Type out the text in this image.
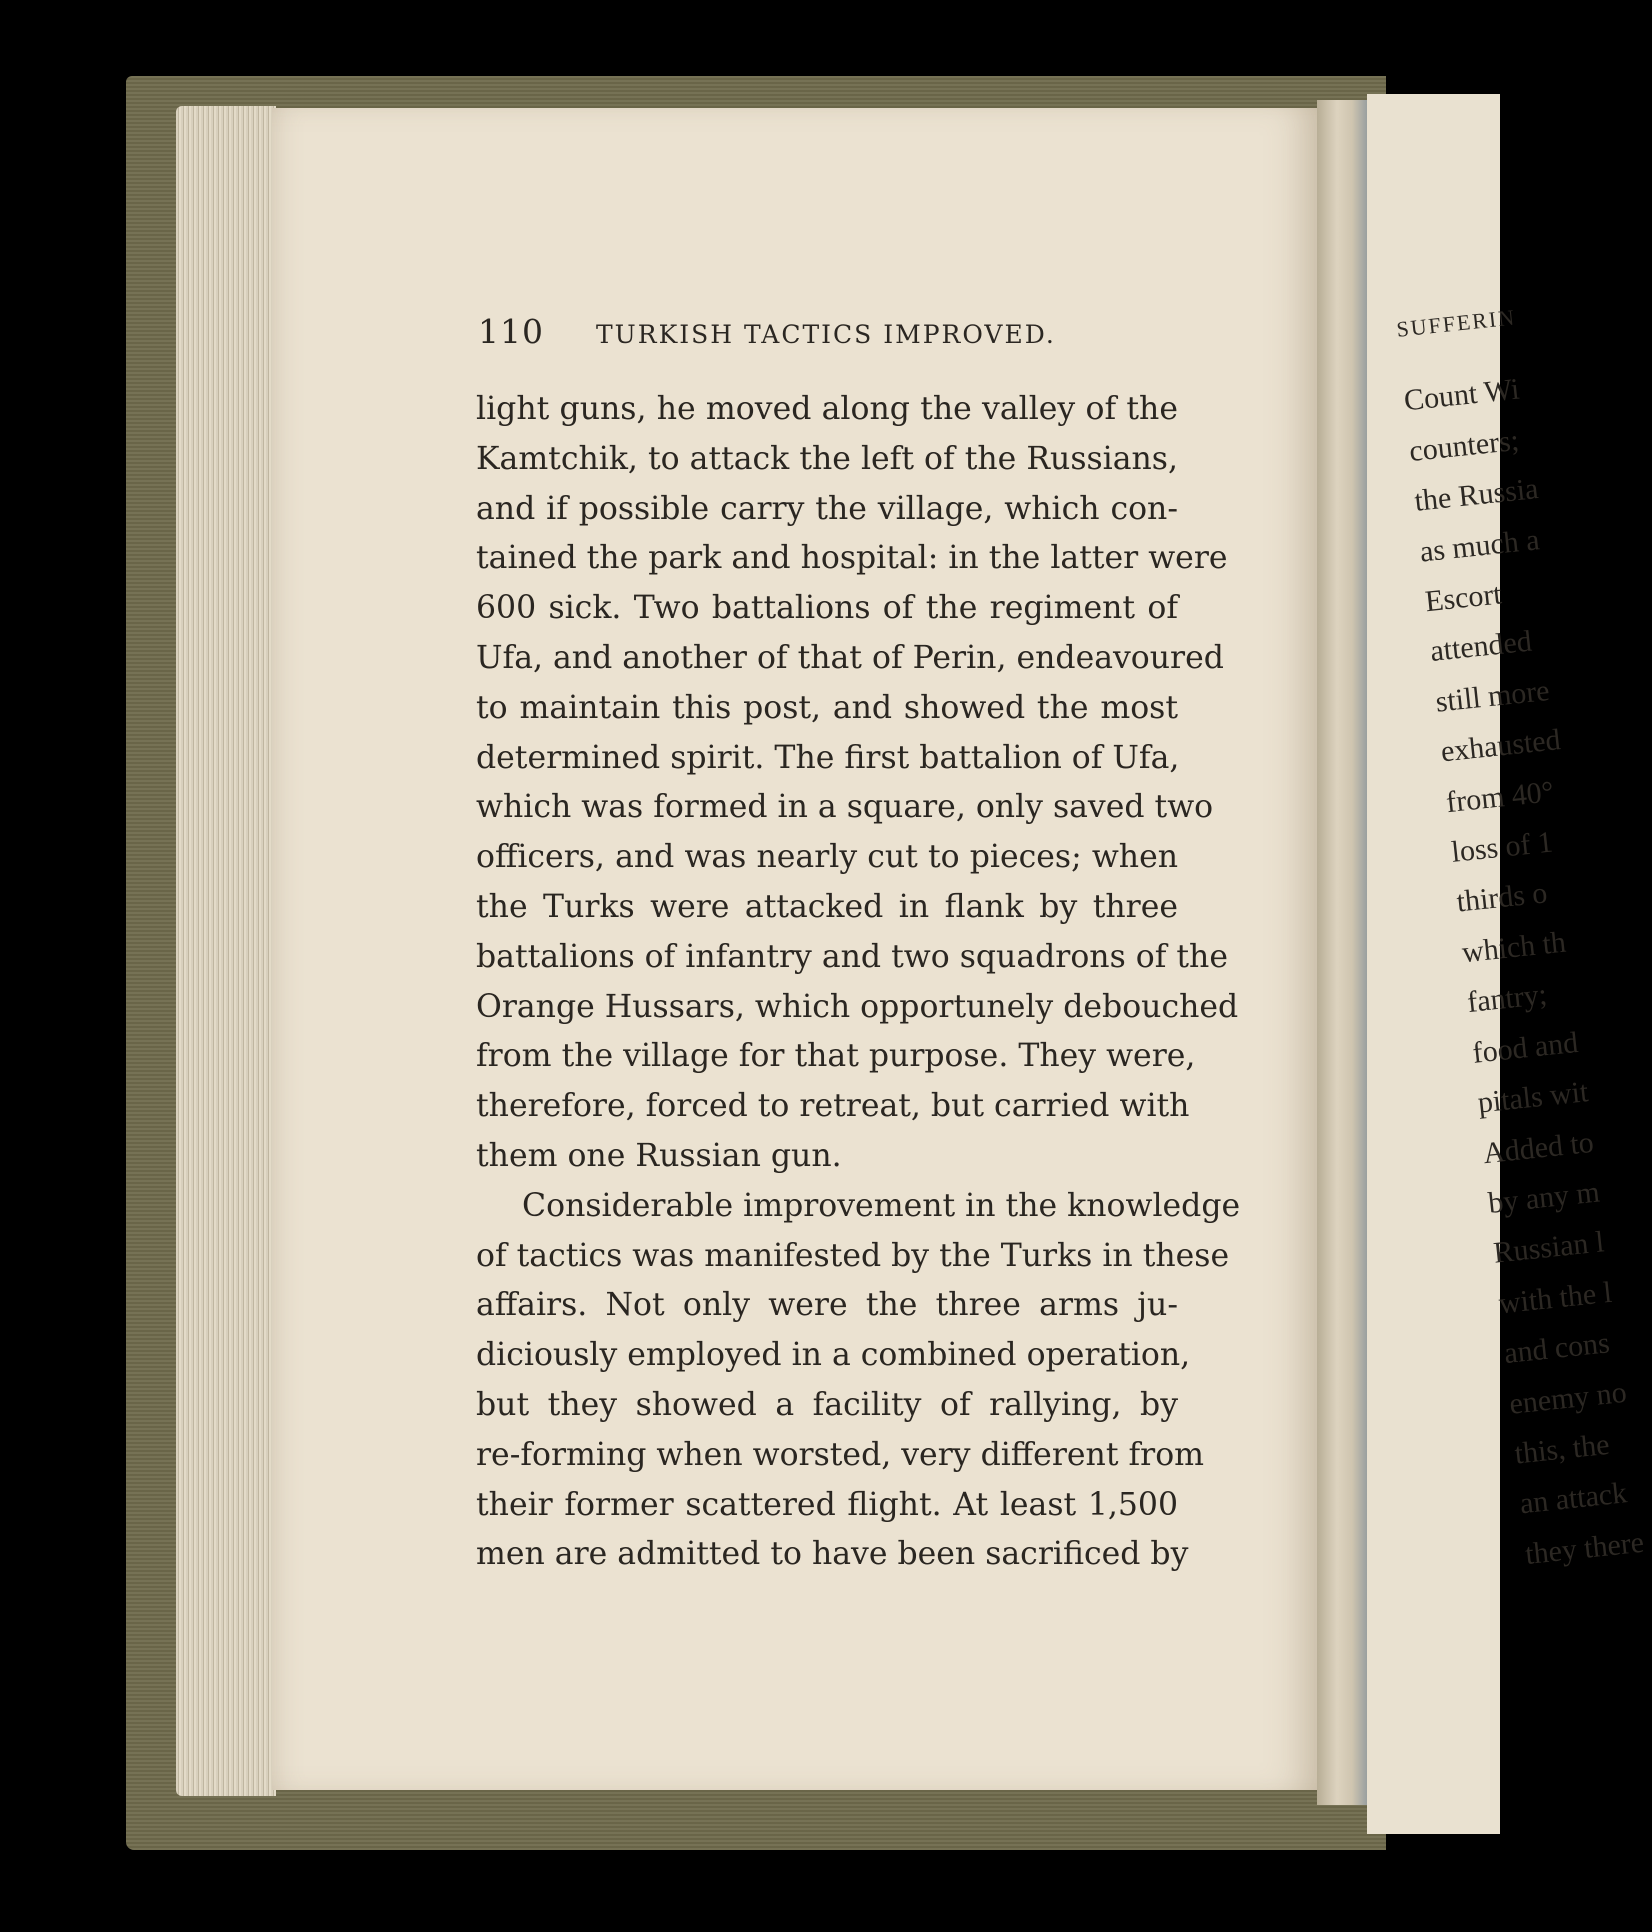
110 TURKISH TACTICS IMPROVED.
light guns, he moved along the valley of the
Kamtchik, to attack the left of the Russians,
and if possible carry the village, which con-
tained the park and hospital: in the latter were
600 sick. Two battalions of the regiment of
Ufa, and another of that of Perin, endeavoured
to maintain this post, and showed the most
determined spirit. The first battalion of Ufa,
which was formed in a square, only saved two
officers, and was nearly cut to pieces; when
the Turks were attacked in flank by three
battalions of infantry and two squadrons of the
Orange Hussars, which opportunely debouched
from the village for that purpose. They were,
therefore, forced to retreat, but carried with
them one Russian gun.
Considerable improvement in the knowledge
of tactics was manifested by the Turks in these
affairs. Not only were the three arms ju-
diciously employed in a combined operation,
but they showed a facility of rallying, by
re-forming when worsted, very different from
their former scattered flight. At least 1,500
men are admitted to have been sacrificed by
SUFFERIN
Count Wi
counters;
the Russia
as much a
Escort
attended
still more
exhausted
from 40°
loss of 1
thirds o
which th
fantry;
food and
pitals wit
Added to
by any m
Russian l
with the l
and cons
enemy no
this, the
an attack
they there
